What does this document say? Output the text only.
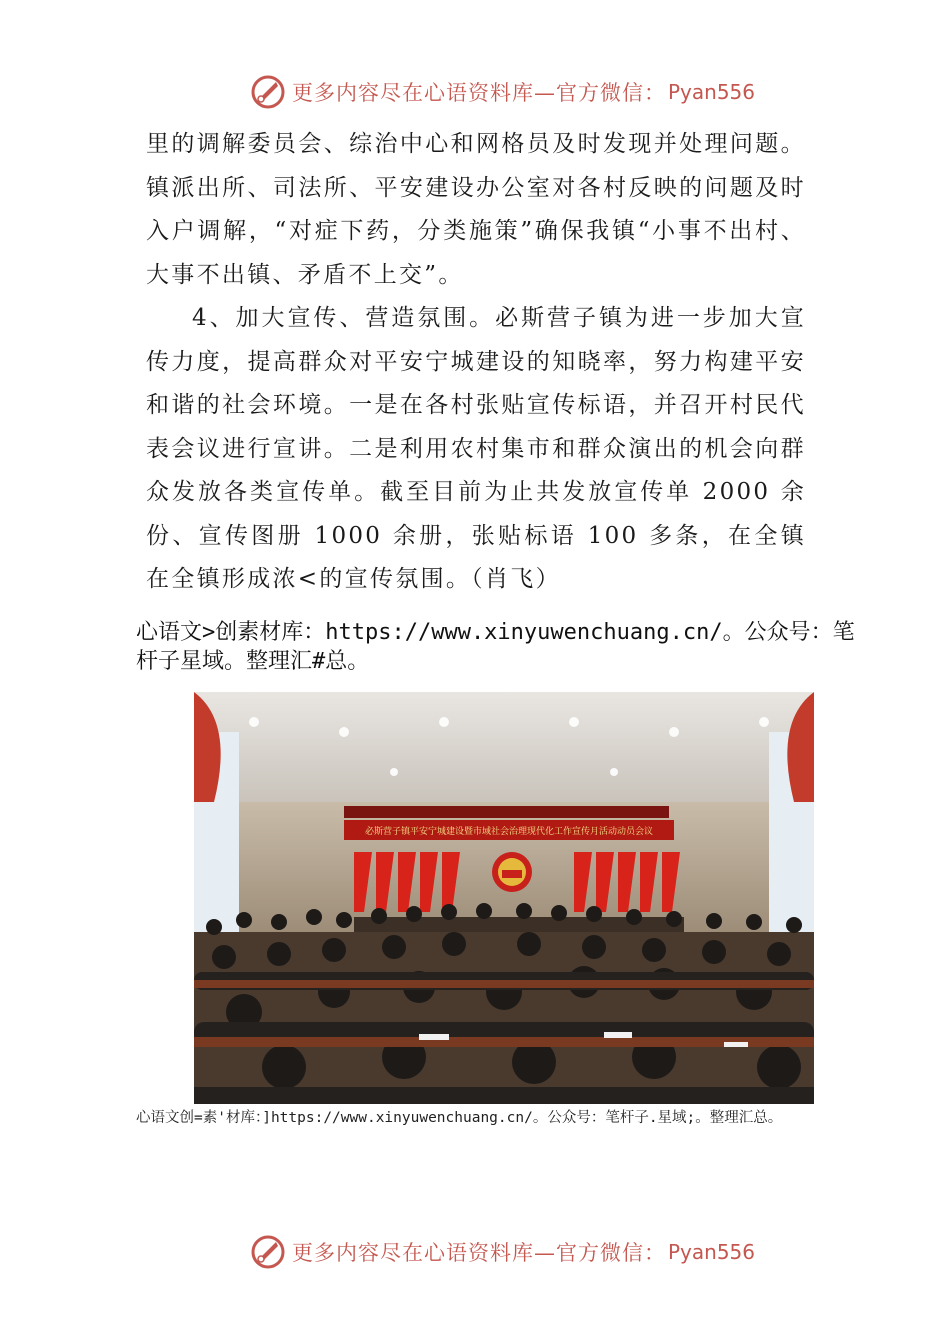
更多内容尽在心语资料库—官方微信： Pyan556

里的调解委员会、综治中心和网格员及时发现并处理问题。镇派出所、司法所、平安建设办公室对各村反映的问题及时入户调解，“对症下药，分类施策”确保我镇“小事不出村、大事不出镇、矛盾不上交”。

4、加大宣传、营造氛围。必斯营子镇为进一步加大宣传力度，提高群众对平安宁城建设的知晓率，努力构建平安和谐的社会环境。一是在各村张贴宣传标语，并召开村民代表会议进行宣讲。二是利用农村集市和群众演出的机会向群众发放各类宣传单。截至目前为止共发放宣传单 2000 余份、宣传图册 1000 余册，张贴标语 100 多条，在全镇在全镇形成浓<的宣传氛围。（肖飞）

心语文>创素材库：https://www.xinyuwenchuang.cn/。公众号：笔杆子星域。整理汇#总。
必斯营子镇平安宁城建设暨市域社会治理现代化工作宣传月活动动员会议
心语文创=素'材库：]https://www.xinyuwenchuang.cn/。公众号：笔杆子.星域;。整理汇总。
更多内容尽在心语资料库—官方微信： Pyan556
